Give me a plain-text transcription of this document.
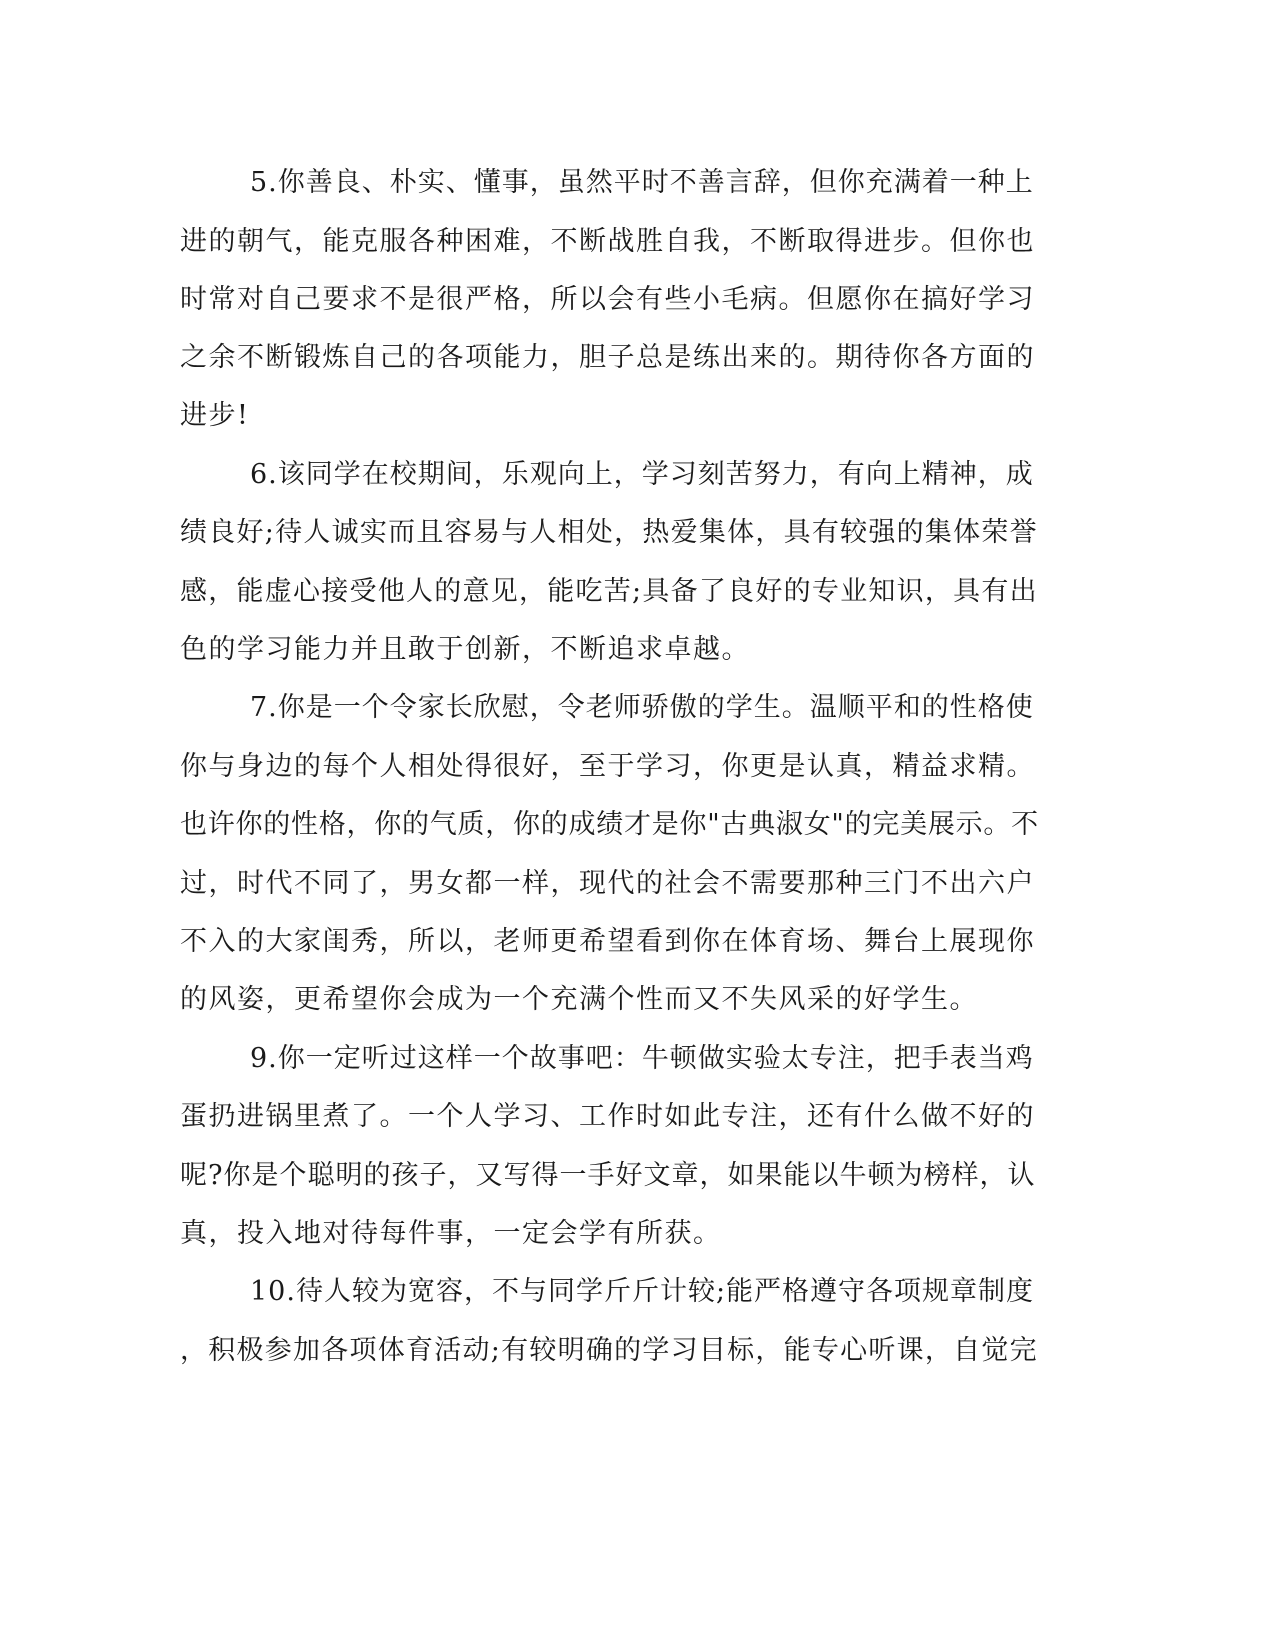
5.你善良、朴实、懂事，虽然平时不善言辞，但你充满着一种上

进的朝气，能克服各种困难，不断战胜自我，不断取得进步。但你也

时常对自己要求不是很严格，所以会有些小毛病。但愿你在搞好学习

之余不断锻炼自己的各项能力，胆子总是练出来的。期待你各方面的

进步!

6.该同学在校期间，乐观向上，学习刻苦努力，有向上精神，成

绩良好;待人诚实而且容易与人相处，热爱集体，具有较强的集体荣誉

感，能虚心接受他人的意见，能吃苦;具备了良好的专业知识，具有出

色的学习能力并且敢于创新，不断追求卓越。

7.你是一个令家长欣慰，令老师骄傲的学生。温顺平和的性格使

你与身边的每个人相处得很好，至于学习，你更是认真，精益求精。

也许你的性格，你的气质，你的成绩才是你"古典淑女"的完美展示。不

过，时代不同了，男女都一样，现代的社会不需要那种三门不出六户

不入的大家闺秀，所以，老师更希望看到你在体育场、舞台上展现你

的风姿，更希望你会成为一个充满个性而又不失风采的好学生。

9.你一定听过这样一个故事吧：牛顿做实验太专注，把手表当鸡

蛋扔进锅里煮了。一个人学习、工作时如此专注，还有什么做不好的

呢?你是个聪明的孩子，又写得一手好文章，如果能以牛顿为榜样，认

真，投入地对待每件事，一定会学有所获。

10.待人较为宽容，不与同学斤斤计较;能严格遵守各项规章制度

，积极参加各项体育活动;有较明确的学习目标，能专心听课，自觉完
